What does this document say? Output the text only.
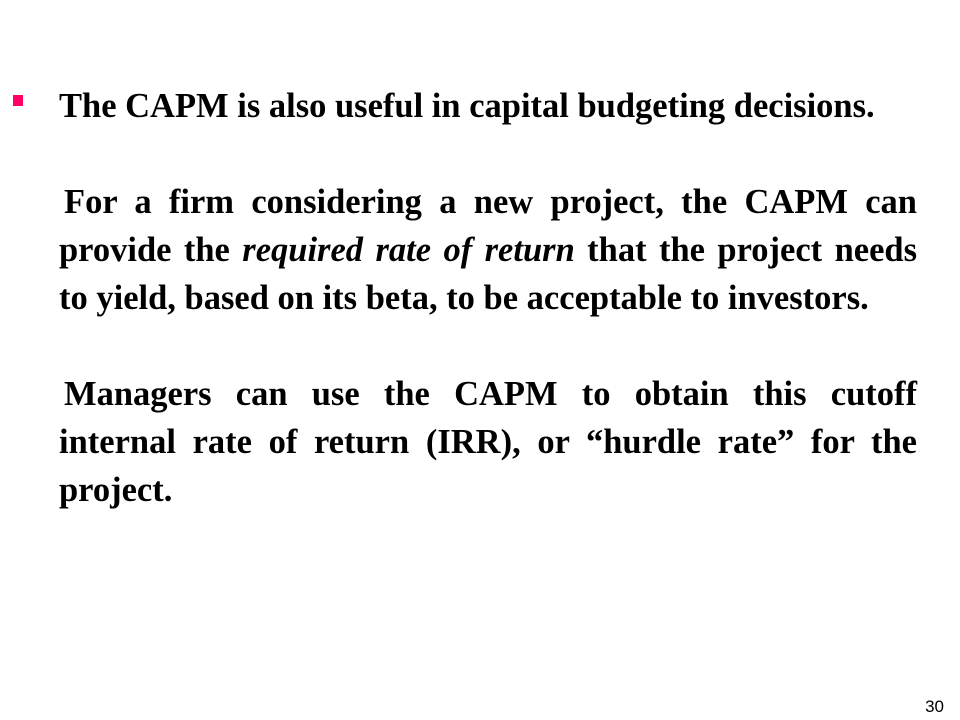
The CAPM is also useful in capital budgeting decisions.

For a firm considering a new project, the CAPM can provide the required rate of return that the project needs to yield, based on its beta, to be acceptable to investors.

Managers can use the CAPM to obtain this cutoff internal rate of return (IRR), or “hurdle rate” for the project.

30
